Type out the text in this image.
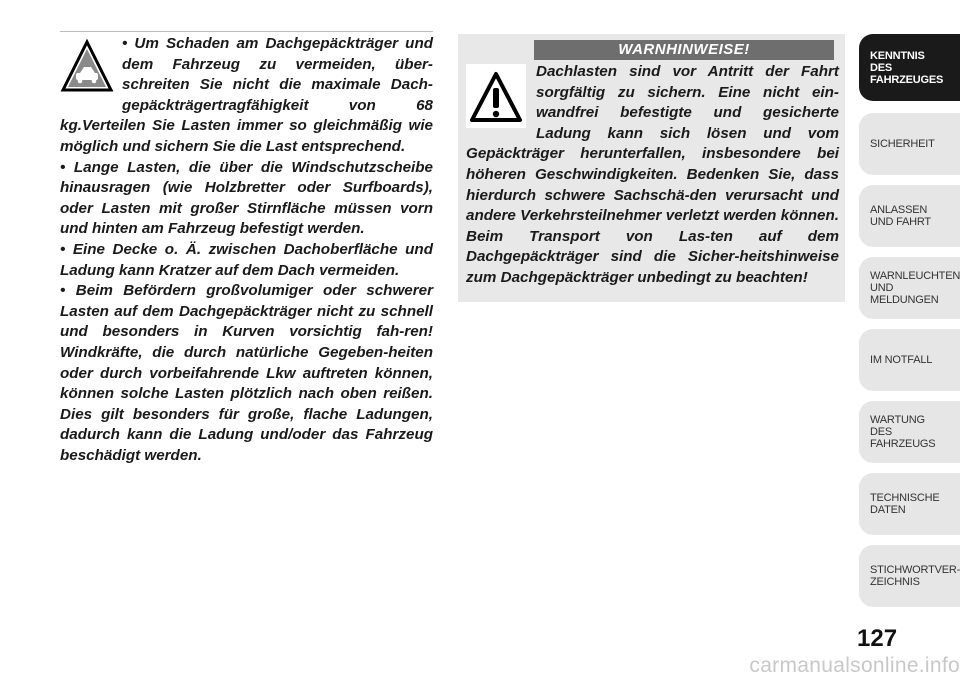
• Um Schaden am Dachgepäckträger und dem Fahrzeug zu vermeiden, über-schreiten Sie nicht die maximale Dach-gepäckträgertragfähigkeit von 68 kg.Verteilen Sie Lasten immer so gleichmäßig wie möglich und sichern Sie die Last entsprechend.

• Lange Lasten, die über die Windschutzscheibe hinausragen (wie Holzbretter oder Surfboards), oder Lasten mit großer Stirnfläche müssen vorn und hinten am Fahrzeug befestigt werden.

• Eine Decke o. Ä. zwischen Dachoberfläche und Ladung kann Kratzer auf dem Dach vermeiden.

• Beim Befördern großvolumiger oder schwerer Lasten auf dem Dachgepäckträger nicht zu schnell und besonders in Kurven vorsichtig fah-ren! Windkräfte, die durch natürliche Gegeben-heiten oder durch vorbeifahrende Lkw auftreten können, können solche Lasten plötzlich nach oben reißen. Dies gilt besonders für große, flache Ladungen, dadurch kann die Ladung und/oder das Fahrzeug beschädigt werden.

WARNHINWEISE!

Dachlasten sind vor Antritt der Fahrt sorgfältig zu sichern. Eine nicht ein-wandfrei befestigte und gesicherte Ladung kann sich lösen und vom Gepäckträger herunterfallen, insbesondere bei höheren Geschwindigkeiten. Bedenken Sie, dass hierdurch schwere Sachschä-den verursacht und andere Verkehrsteilnehmer verletzt werden können. Beim Transport von Las-ten auf dem Dachgepäckträger sind die Sicher-heitshinweise zum Dachgepäckträger unbedingt zu beachten!

KENNTNIS
DES
FAHRZEUGES
SICHERHEIT
ANLASSEN
UND FAHRT
WARNLEUCHTEN
UND
MELDUNGEN
IM NOTFALL
WARTUNG
DES
FAHRZEUGS
TECHNISCHE
DATEN
STICHWORTVER-
ZEICHNIS
127
carmanualsonline.info
